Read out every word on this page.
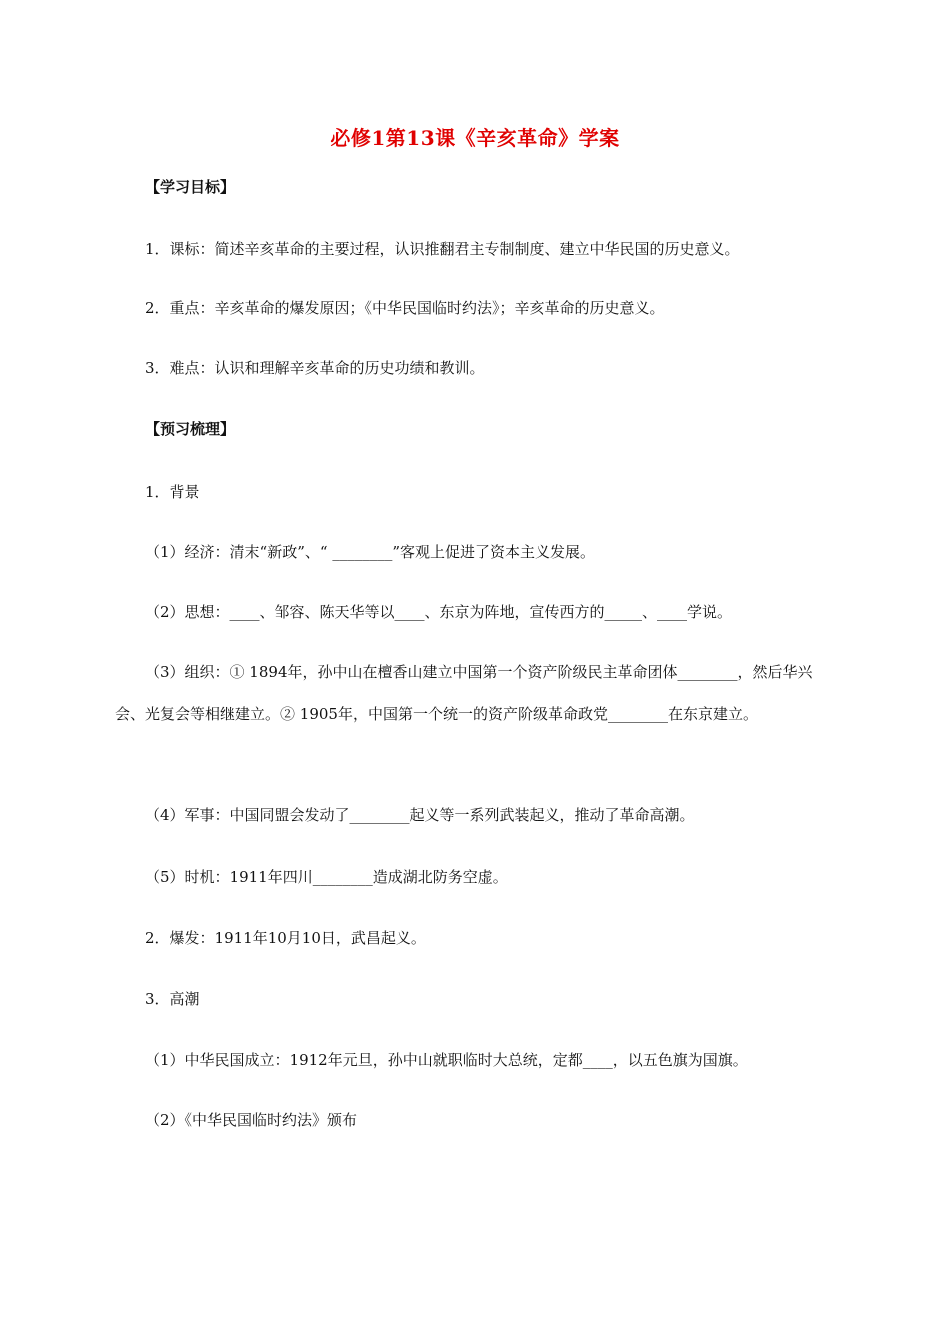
必修1第13课《辛亥革命》学案
【学习目标】
1．课标：简述辛亥革命的主要过程，认识推翻君主专制制度、建立中华民国的历史意义。
2．重点：辛亥革命的爆发原因；《中华民国临时约法》；辛亥革命的历史意义。
3．难点：认识和理解辛亥革命的历史功绩和教训。
【预习梳理】
1．背景
（1）经济：清末“新政”、“ ________”客观上促进了资本主义发展。
（2）思想：____、邹容、陈天华等以____、东京为阵地，宣传西方的_____、____学说。
（3）组织：① 1894年，孙中山在檀香山建立中国第一个资产阶级民主革命团体________，然后华兴会、光复会等相继建立。② 1905年，中国第一个统一的资产阶级革命政党________在东京建立。
（4）军事：中国同盟会发动了________起义等一系列武装起义，推动了革命高潮。
（5）时机：1911年四川________造成湖北防务空虚。
2．爆发：1911年10月10日，武昌起义。
3．高潮
（1）中华民国成立：1912年元旦，孙中山就职临时大总统，定都____，以五色旗为国旗。
（2）《中华民国临时约法》颁布
